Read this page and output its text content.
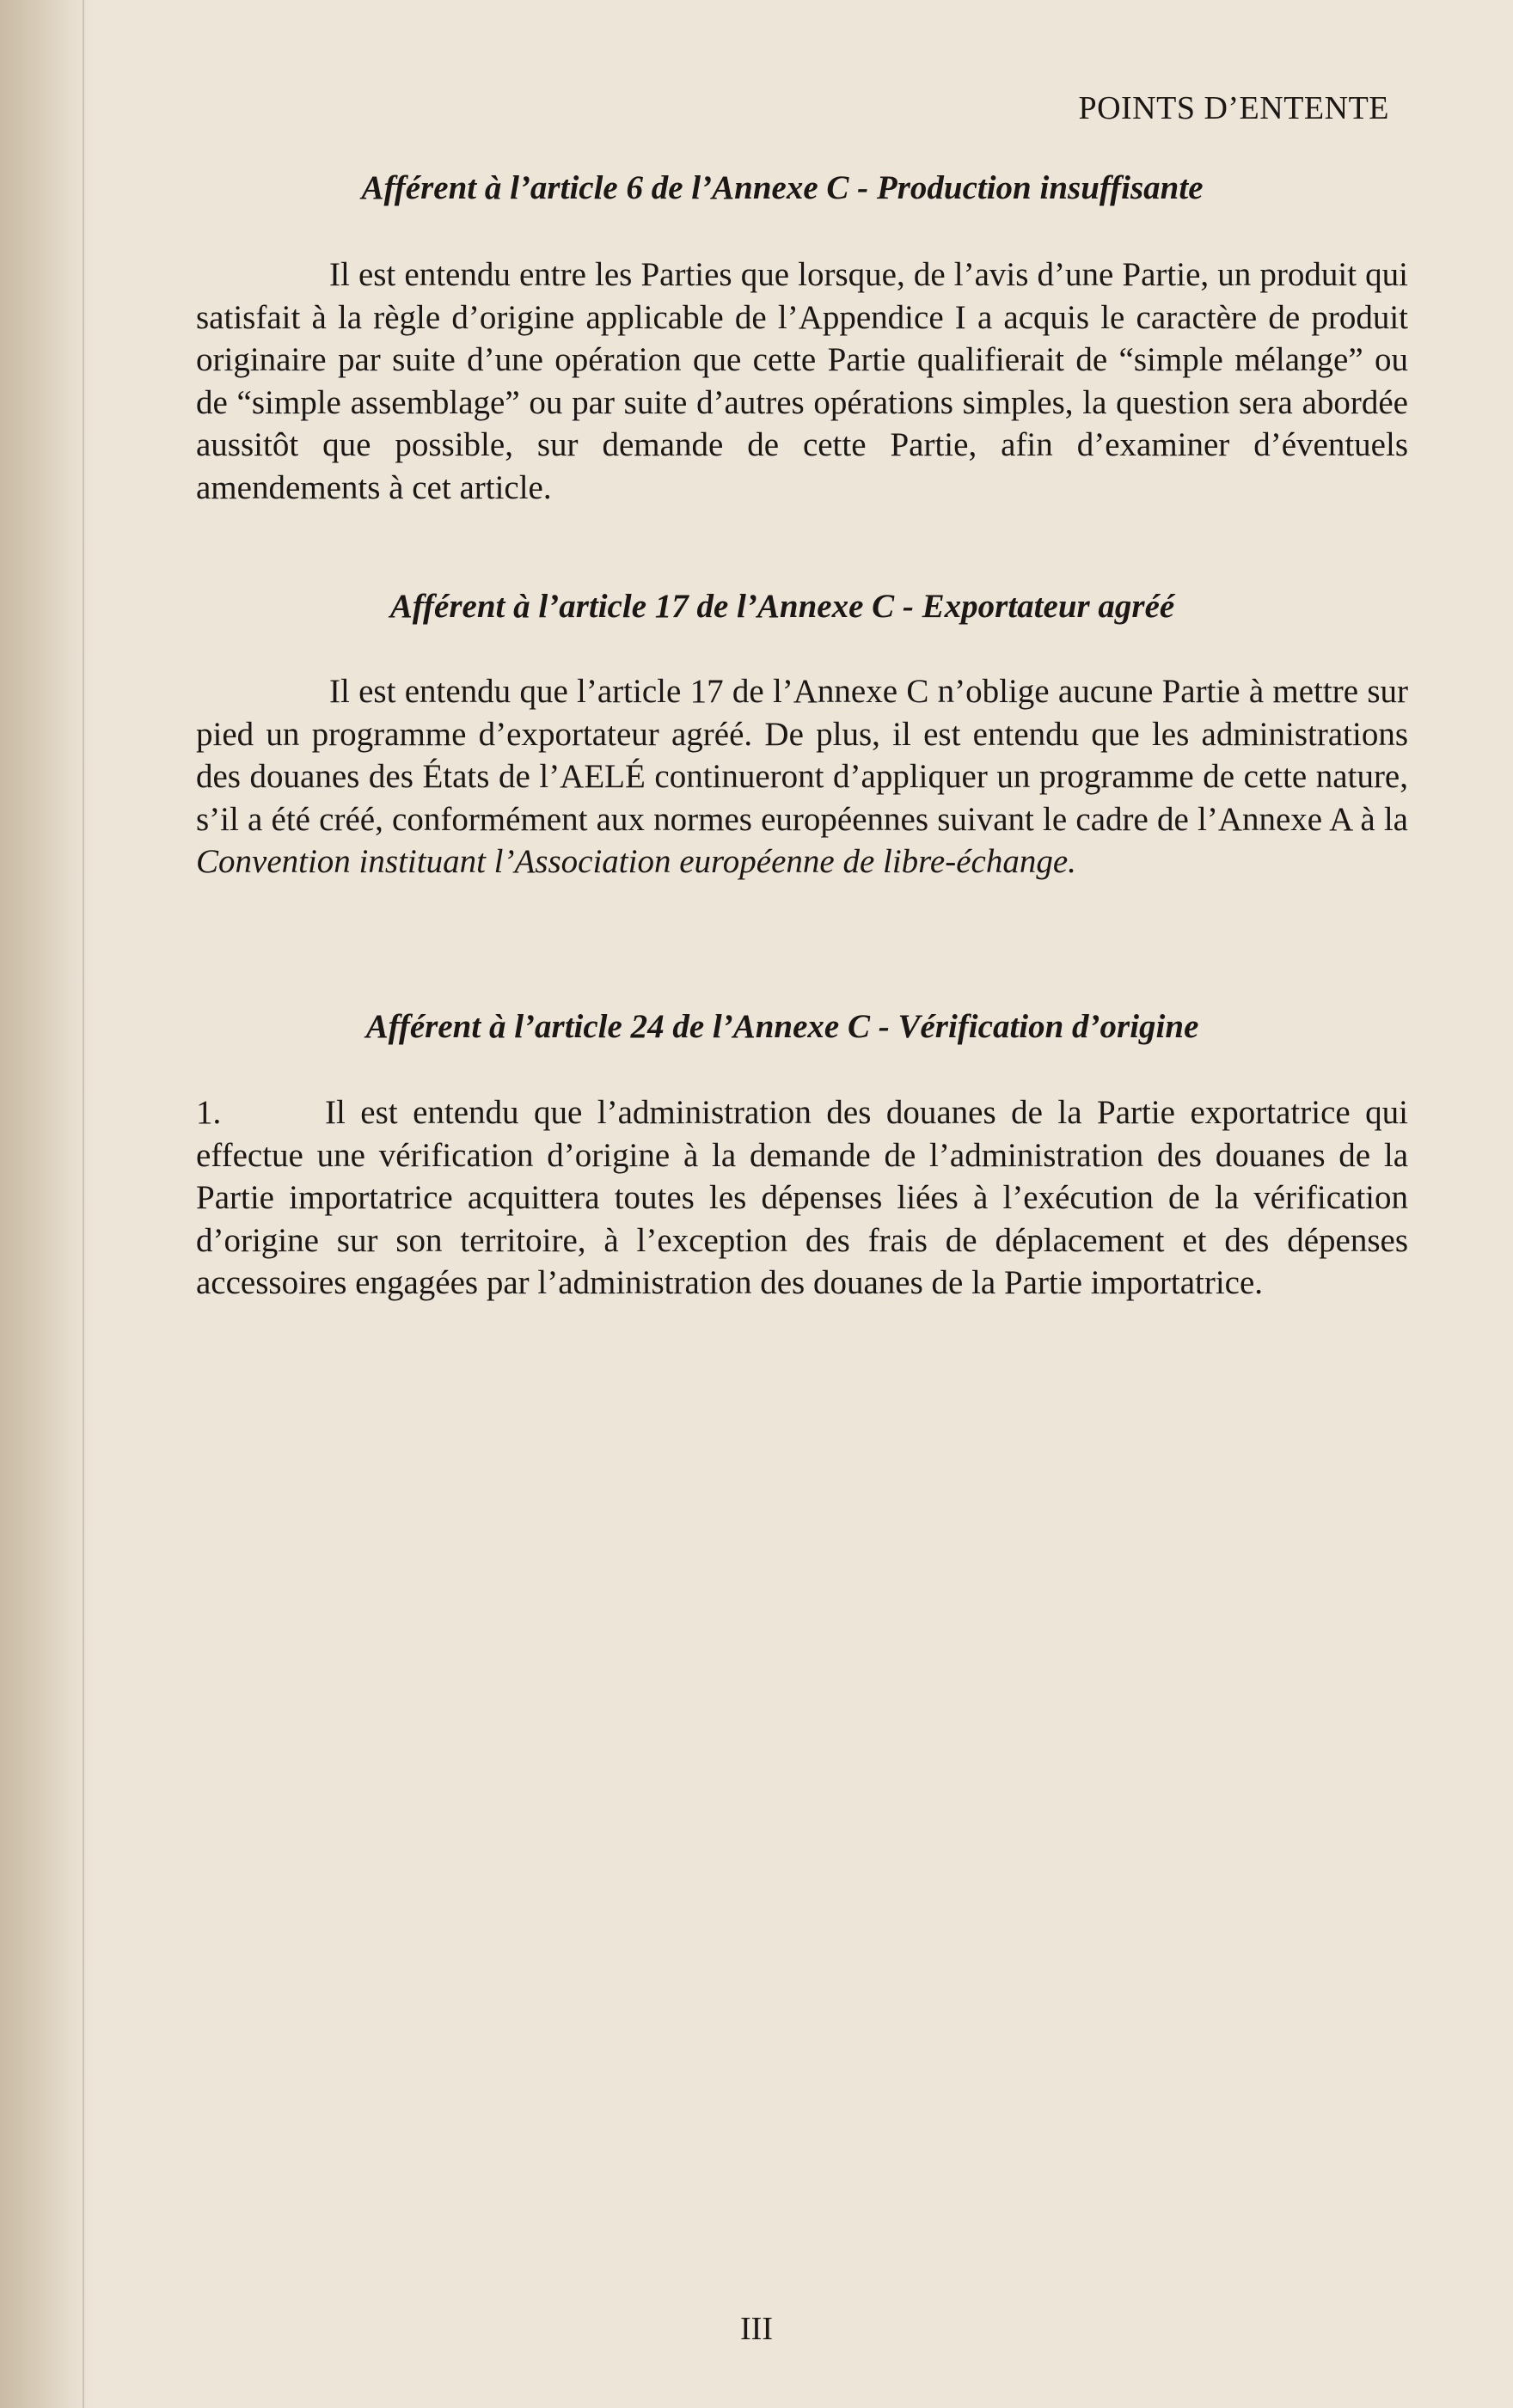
POINTS D’ENTENTE
Afférent à l’article 6 de l’Annexe C - Production insuffisante

Il est entendu entre les Parties que lorsque, de l’avis d’une Partie, un produit qui satisfait à la règle d’origine applicable de l’Appendice I a acquis le caractère de produit originaire par suite d’une opération que cette Partie qualifierait de “simple mélange” ou de “simple assemblage” ou par suite d’autres opérations simples, la question sera abordée aussitôt que possible, sur demande de cette Partie, afin d’examiner d’éventuels amendements à cet article.

Afférent à l’article 17 de l’Annexe C - Exportateur agréé

Il est entendu que l’article 17 de l’Annexe C n’oblige aucune Partie à mettre sur pied un programme d’exportateur agréé. De plus, il est entendu que les administrations des douanes des États de l’AELÉ continueront d’appliquer un programme de cette nature, s’il a été créé, conformément aux normes européennes suivant le cadre de l’Annexe A à la Convention instituant l’Association européenne de libre-échange.

Afférent à l’article 24 de l’Annexe C - Vérification d’origine

1.	Il est entendu que l’administration des douanes de la Partie exportatrice qui effectue une vérification d’origine à la demande de l’administration des douanes de la Partie importatrice acquittera toutes les dépenses liées à l’exécution de la vérification d’origine sur son territoire, à l’exception des frais de déplacement et des dépenses accessoires engagées par l’administration des douanes de la Partie importatrice.

III
